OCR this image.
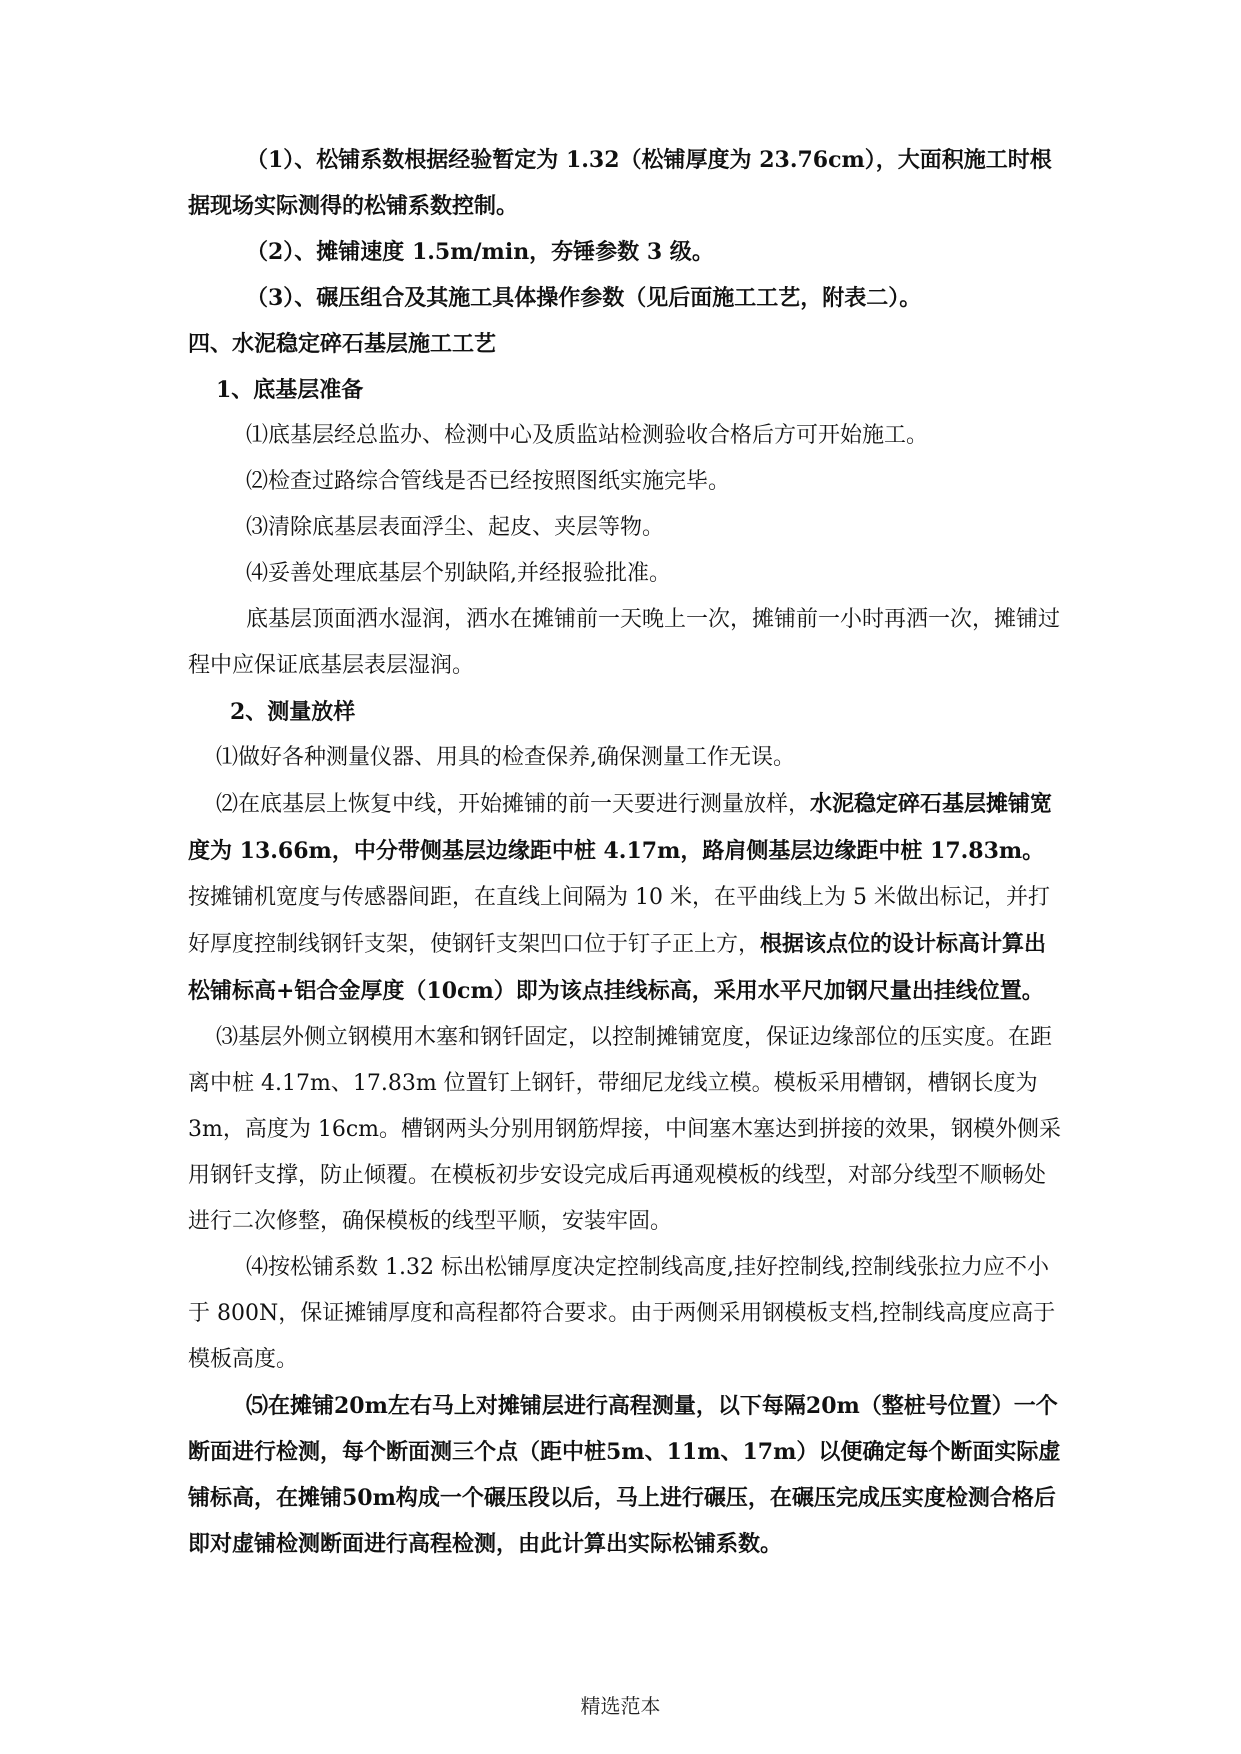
（1）、松铺系数根据经验暂定为 1.32（松铺厚度为 23.76cm），大面积施工时根据现场实际测得的松铺系数控制。

（2）、摊铺速度 1.5m/min，夯锤参数 3 级。

（3）、碾压组合及其施工具体操作参数（见后面施工工艺，附表二）。

四、水泥稳定碎石基层施工工艺

1、底基层准备

⑴底基层经总监办、检测中心及质监站检测验收合格后方可开始施工。

⑵检查过路综合管线是否已经按照图纸实施完毕。

⑶清除底基层表面浮尘、起皮、夹层等物。

⑷妥善处理底基层个别缺陷,并经报验批准。

底基层顶面洒水湿润，洒水在摊铺前一天晚上一次，摊铺前一小时再洒一次，摊铺过程中应保证底基层表层湿润。

2、测量放样

⑴做好各种测量仪器、用具的检查保养,确保测量工作无误。

⑵在底基层上恢复中线，开始摊铺的前一天要进行测量放样，水泥稳定碎石基层摊铺宽度为 13.66m，中分带侧基层边缘距中桩 4.17m，路肩侧基层边缘距中桩 17.83m。按摊铺机宽度与传感器间距，在直线上间隔为 10 米，在平曲线上为 5 米做出标记，并打好厚度控制线钢钎支架，使钢钎支架凹口位于钉子正上方，根据该点位的设计标高计算出松铺标高+铝合金厚度（10cm）即为该点挂线标高，采用水平尺加钢尺量出挂线位置。

⑶基层外侧立钢模用木塞和钢钎固定，以控制摊铺宽度，保证边缘部位的压实度。在距离中桩 4.17m、17.83m 位置钉上钢钎，带细尼龙线立模。模板采用槽钢，槽钢长度为 3m，高度为 16cm。槽钢两头分别用钢筋焊接，中间塞木塞达到拼接的效果，钢模外侧采用钢钎支撑，防止倾覆。在模板初步安设完成后再通观模板的线型，对部分线型不顺畅处进行二次修整，确保模板的线型平顺，安装牢固。

⑷按松铺系数 1.32 标出松铺厚度决定控制线高度,挂好控制线,控制线张拉力应不小于 800N，保证摊铺厚度和高程都符合要求。由于两侧采用钢模板支档,控制线高度应高于模板高度。

⑸在摊铺20m左右马上对摊铺层进行高程测量，以下每隔20m（整桩号位置）一个断面进行检测，每个断面测三个点（距中桩5m、11m、17m）以便确定每个断面实际虚铺标高，在摊铺50m构成一个碾压段以后，马上进行碾压，在碾压完成压实度检测合格后即对虚铺检测断面进行高程检测，由此计算出实际松铺系数。

精选范本
